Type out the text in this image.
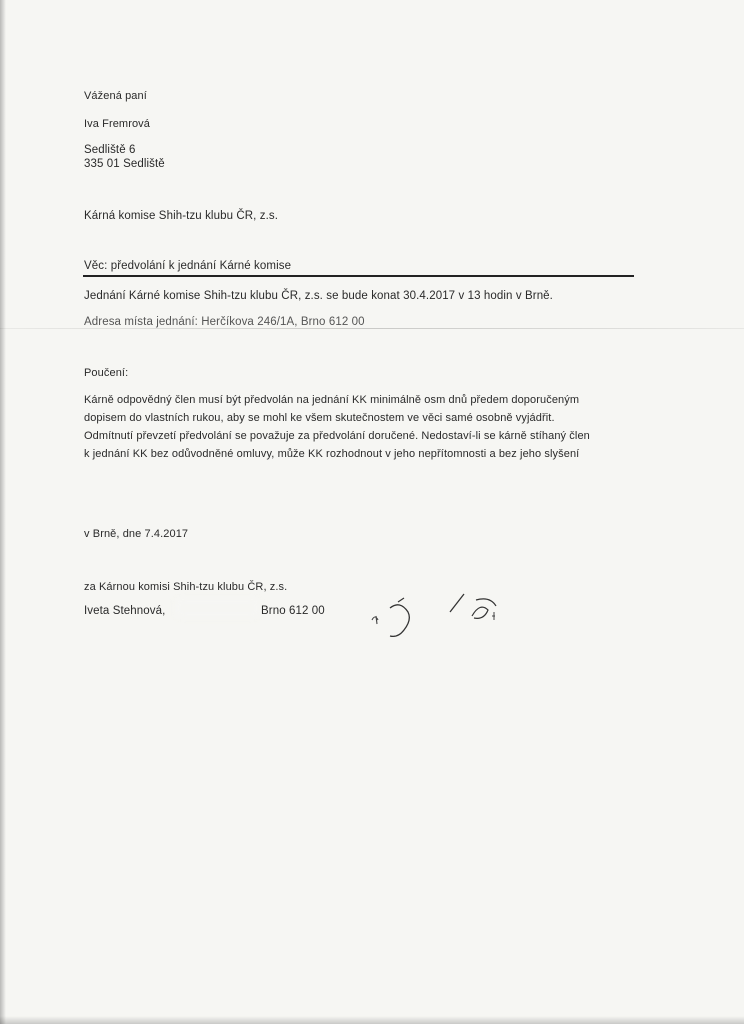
Vážená paní
Iva Fremrová
Sedliště 6
335 01 Sedliště
Kárná komise Shih-tzu klubu ČR, z.s.
Věc: předvolání k jednání Kárné komise
Jednání Kárné komise Shih-tzu klubu ČR, z.s. se bude konat 30.4.2017 v 13 hodin v Brně.
Adresa místa jednání: Herčíkova 246/1A, Brno 612 00
Poučení:
Kárně odpovědný člen musí být předvolán na jednání KK minimálně osm dnů předem doporučeným
dopisem do vlastních rukou, aby se mohl ke všem skutečnostem ve věci samé osobně vyjádřit.
Odmítnutí převzetí předvolání se považuje za předvolání doručené. Nedostaví-li se kárně stíhaný člen
k jednání KK bez odůvodněné omluvy, může KK rozhodnout v jeho nepřítomnosti a bez jeho slyšení
v Brně, dne 7.4.2017
za Kárnou komisi Shih-tzu klubu ČR, z.s.
Iveta Stehnová,	Brno 612 00
